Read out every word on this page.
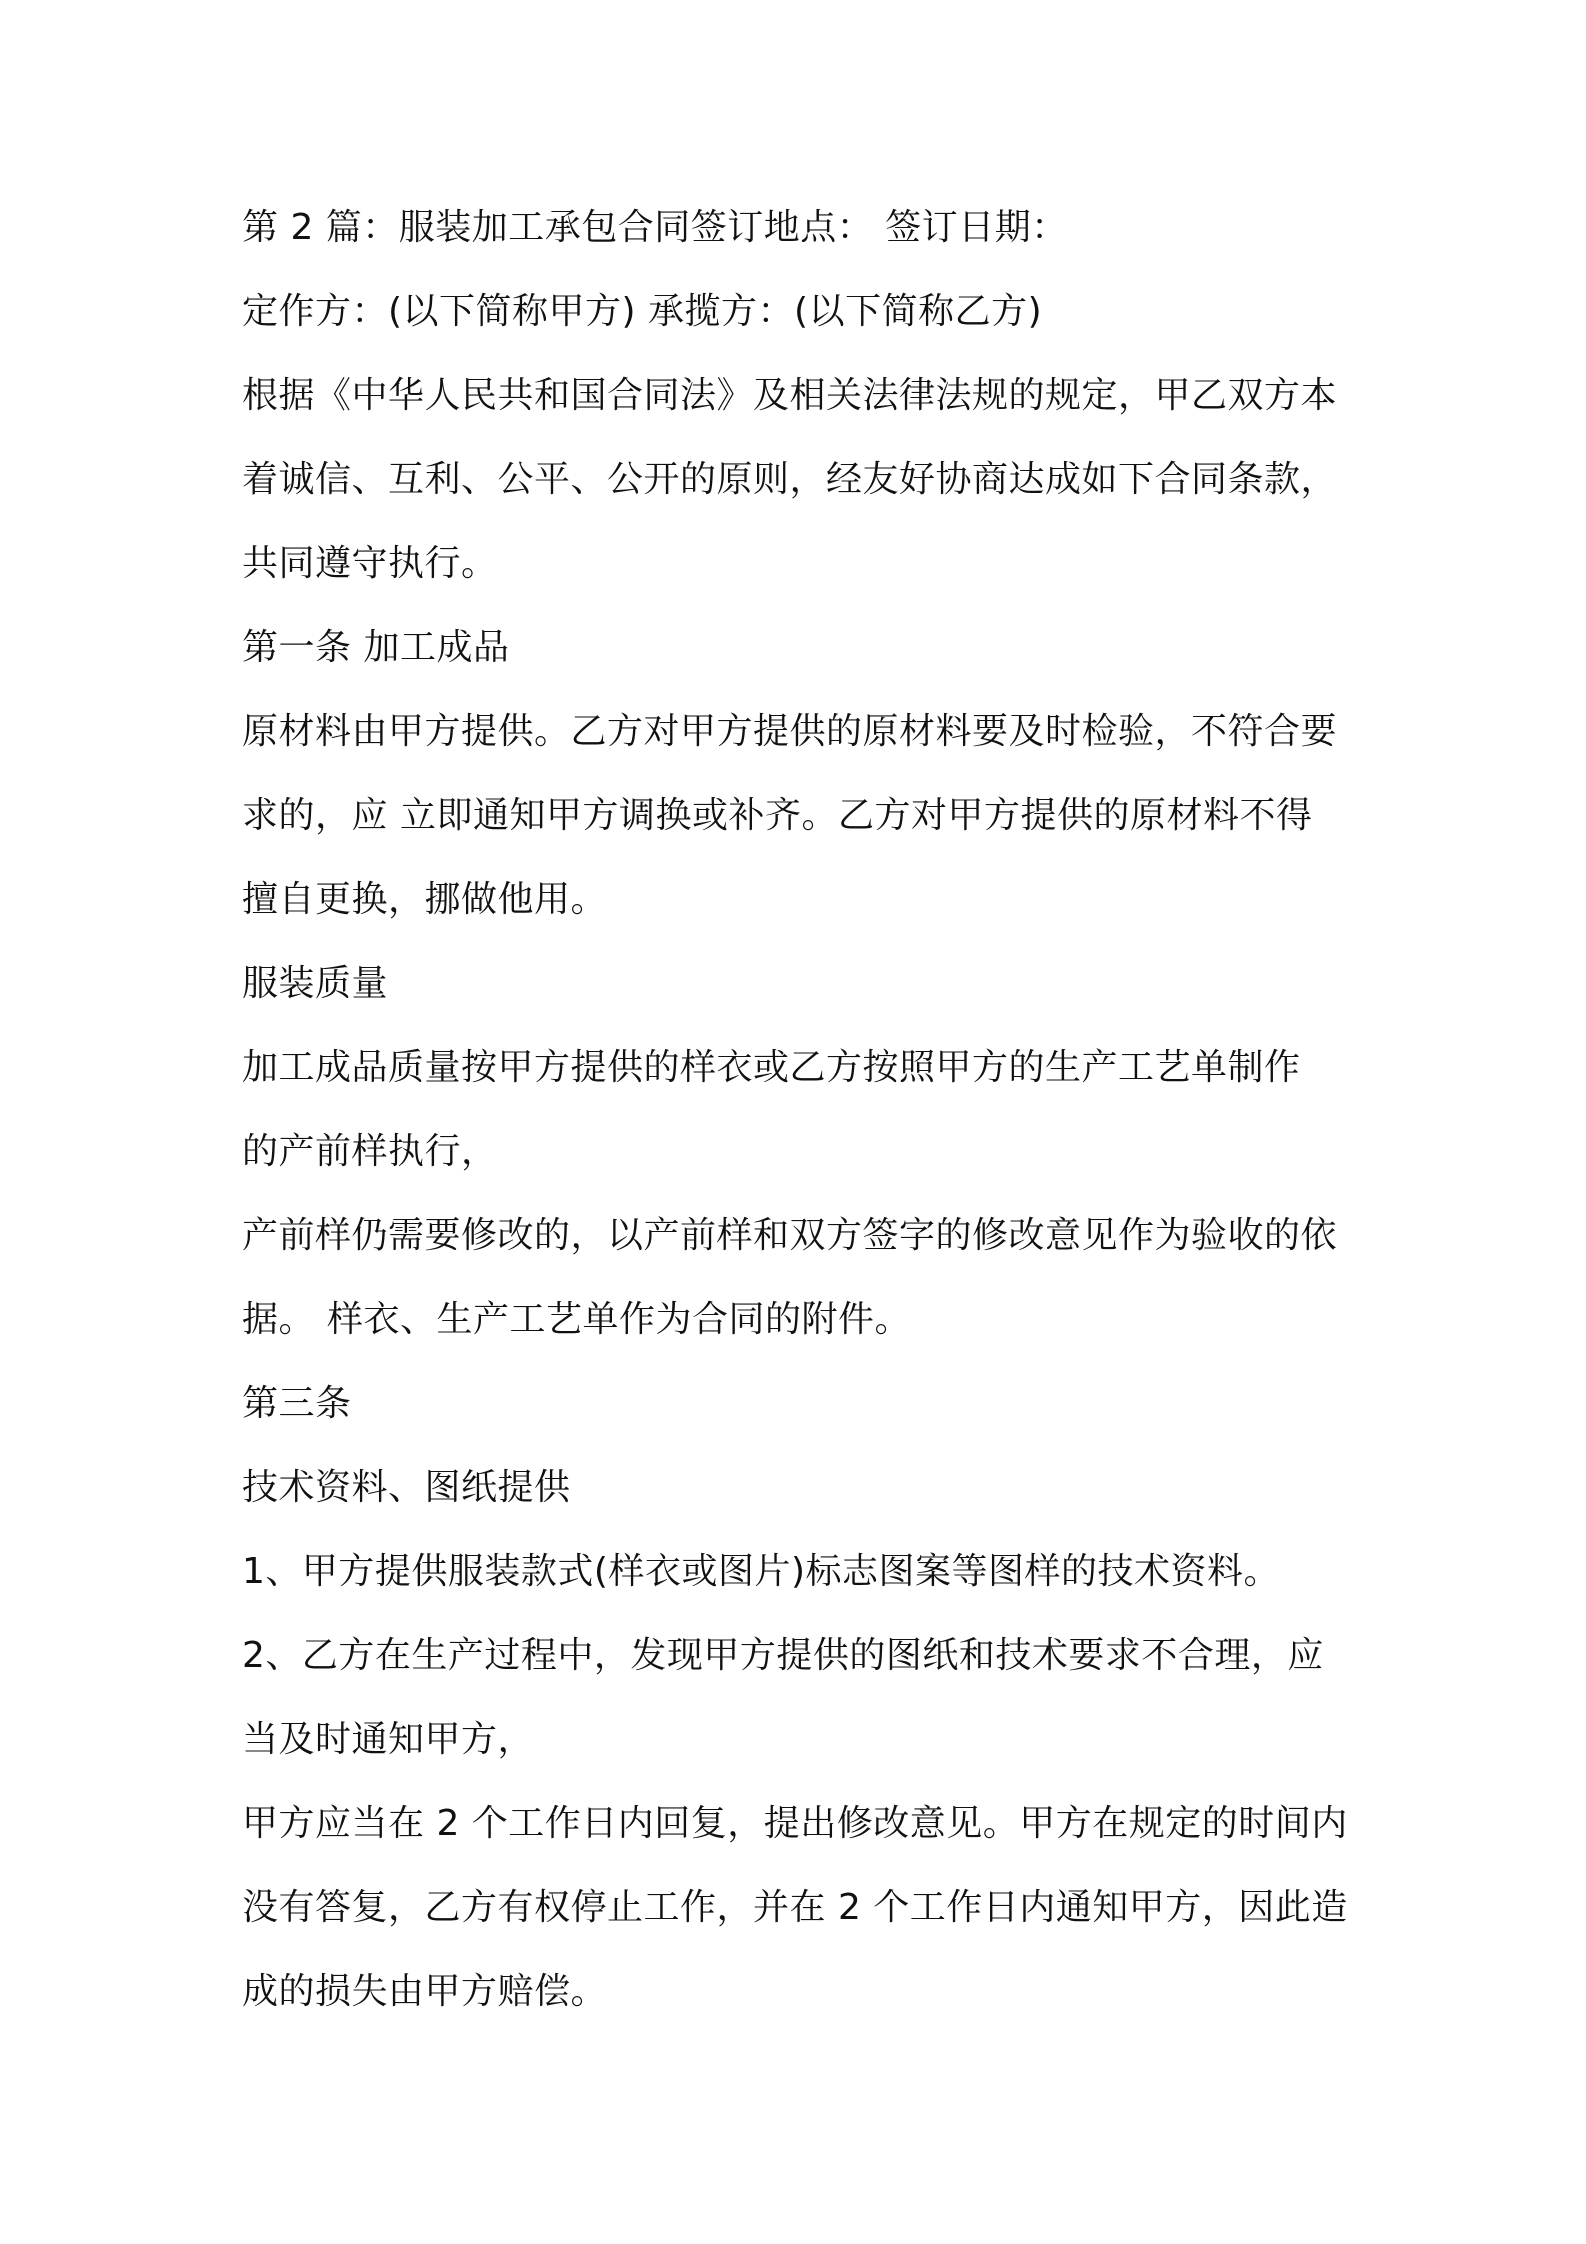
第 2 篇：服装加工承包合同签订地点： 签订日期：
定作方：(以下简称甲方) 承揽方：(以下简称乙方)
根据《中华人民共和国合同法》及相关法律法规的规定，甲乙双方本
着诚信、互利、公平、公开的原则，经友好协商达成如下合同条款，
共同遵守执行。
第一条 加工成品
原材料由甲方提供。乙方对甲方提供的原材料要及时检验，不符合要
求的，应 立即通知甲方调换或补齐。乙方对甲方提供的原材料不得
擅自更换，挪做他用。
服装质量
加工成品质量按甲方提供的样衣或乙方按照甲方的生产工艺单制作
的产前样执行，
产前样仍需要修改的，以产前样和双方签字的修改意见作为验收的依
据。 样衣、生产工艺单作为合同的附件。
第三条
技术资料、图纸提供
1、甲方提供服装款式(样衣或图片)标志图案等图样的技术资料。
2、乙方在生产过程中，发现甲方提供的图纸和技术要求不合理，应
当及时通知甲方，
甲方应当在 2 个工作日内回复，提出修改意见。甲方在规定的时间内
没有答复，乙方有权停止工作，并在 2 个工作日内通知甲方，因此造
成的损失由甲方赔偿。
